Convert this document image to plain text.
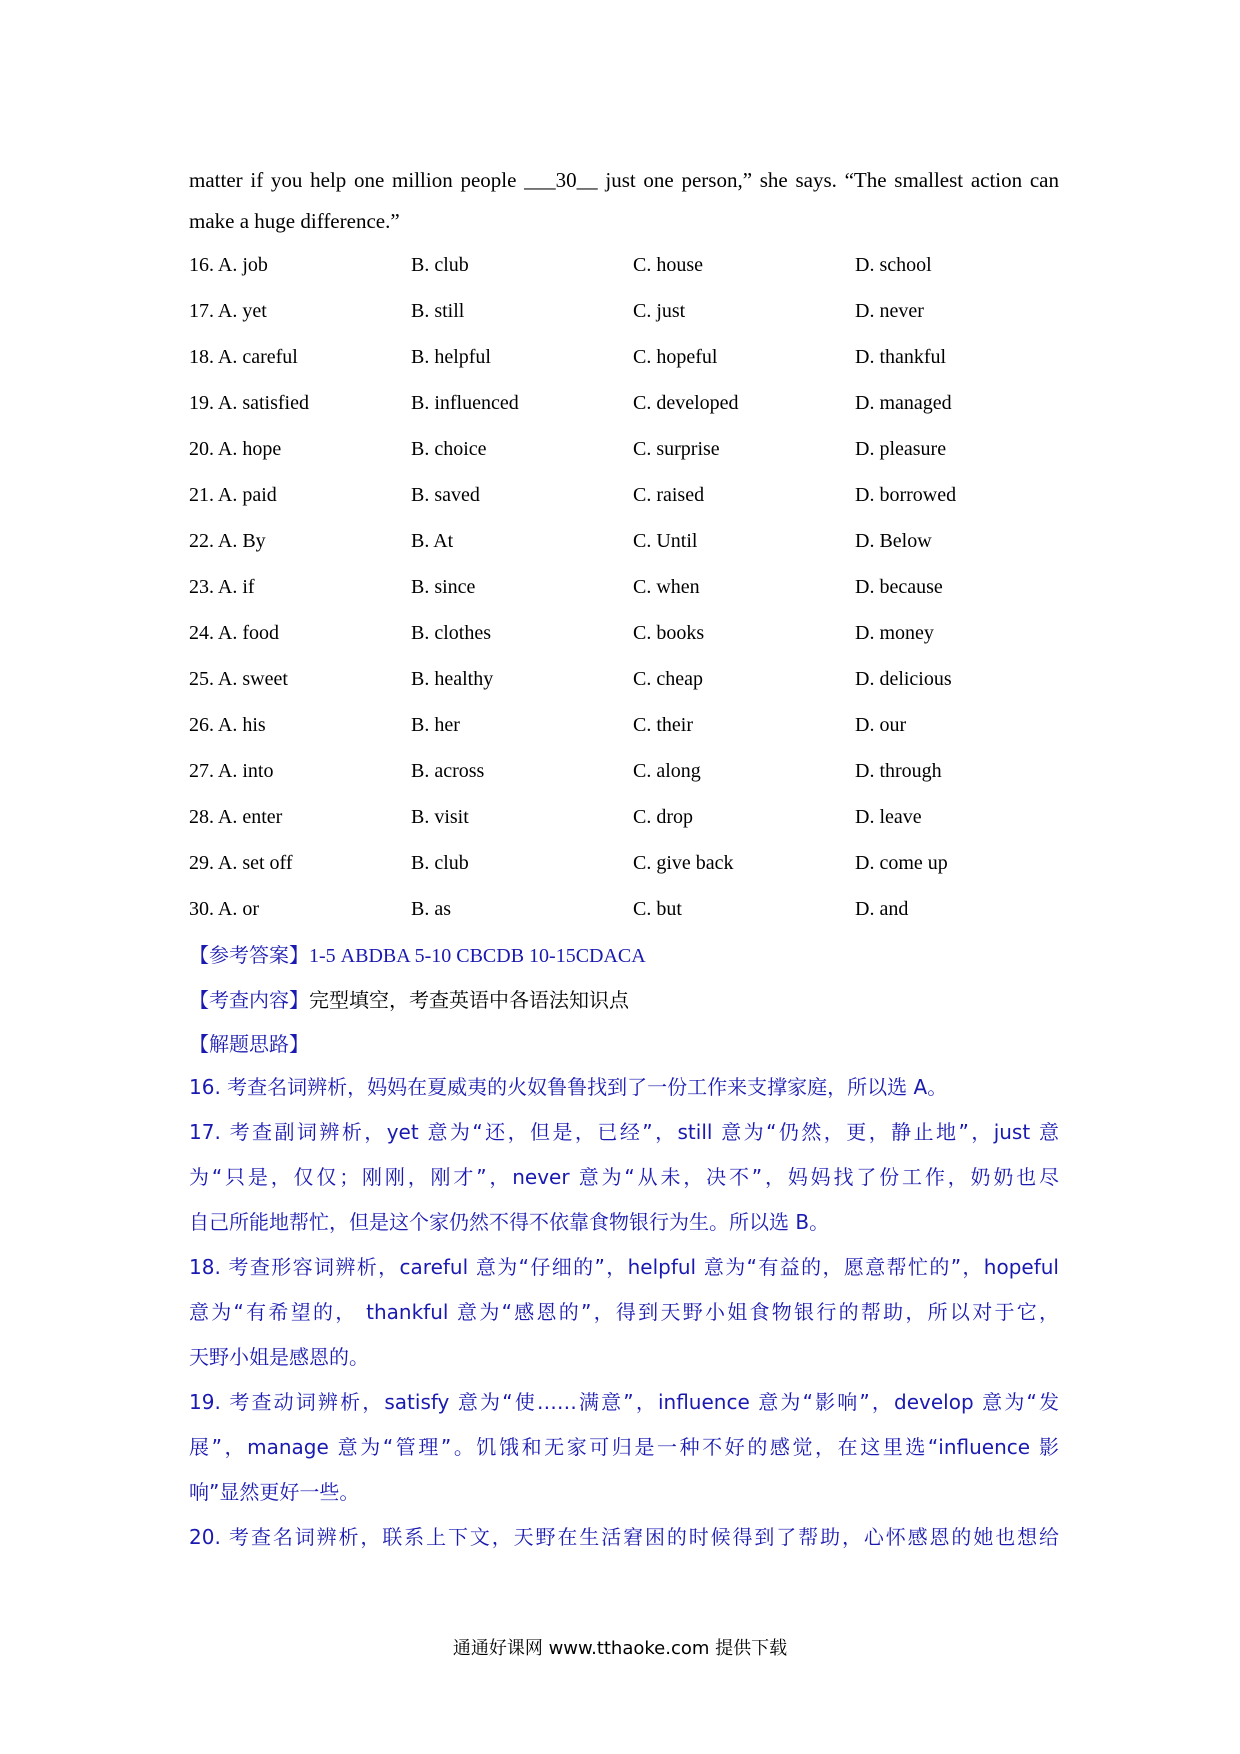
matter if you help one million people ___30__ just one person,” she says. “The smallest action can
make a huge difference.”
16. A. job	B. club	C. house	D. school
17. A. yet	B. still	C. just	D. never
18. A. careful	B. helpful	C. hopeful	D. thankful
19. A. satisfied	B. influenced	C. developed	D. managed
20. A. hope	B. choice	C. surprise	D. pleasure
21. A. paid	B. saved	C. raised	D. borrowed
22. A. By	B. At	C. Until	D. Below
23. A. if	B. since	C. when	D. because
24. A. food	B. clothes	C. books	D. money
25. A. sweet	B. healthy	C. cheap	D. delicious
26. A. his	B. her	C. their	D. our
27. A. into	B. across	C. along	D. through
28. A. enter	B. visit	C. drop	D. leave
29. A. set off	B. club	C. give back	D. come up
30. A. or	B. as	C. but	D. and
【参考答案】1-5 ABDBA 5-10 CBCDB 10-15CDACA
【考查内容】完型填空，考查英语中各语法知识点
【解题思路】
16. 考查名词辨析，妈妈在夏威夷的火奴鲁鲁找到了一份工作来支撑家庭，所以选 A。
17. 考查副词辨析，yet 意为“还，但是，已经”，still 意为“仍然，更，静止地”，just 意
为“只是，仅仅；刚刚，刚才”，never 意为“从未，决不”，妈妈找了份工作，奶奶也尽
自己所能地帮忙，但是这个家仍然不得不依靠食物银行为生。所以选 B。
18. 考查形容词辨析，careful 意为“仔细的”，helpful 意为“有益的，愿意帮忙的”，hopeful
意为“有希望的， thankful 意为“感恩的”，得到天野小姐食物银行的帮助，所以对于它，
天野小姐是感恩的。
19. 考查动词辨析，satisfy 意为“使……满意”，influence 意为“影响”，develop 意为“发
展”，manage 意为“管理”。饥饿和无家可归是一种不好的感觉，在这里选“influence 影
响”显然更好一些。
20. 考查名词辨析，联系上下文，天野在生活窘困的时候得到了帮助，心怀感恩的她也想给
通通好课网 www.tthaoke.com 提供下载
